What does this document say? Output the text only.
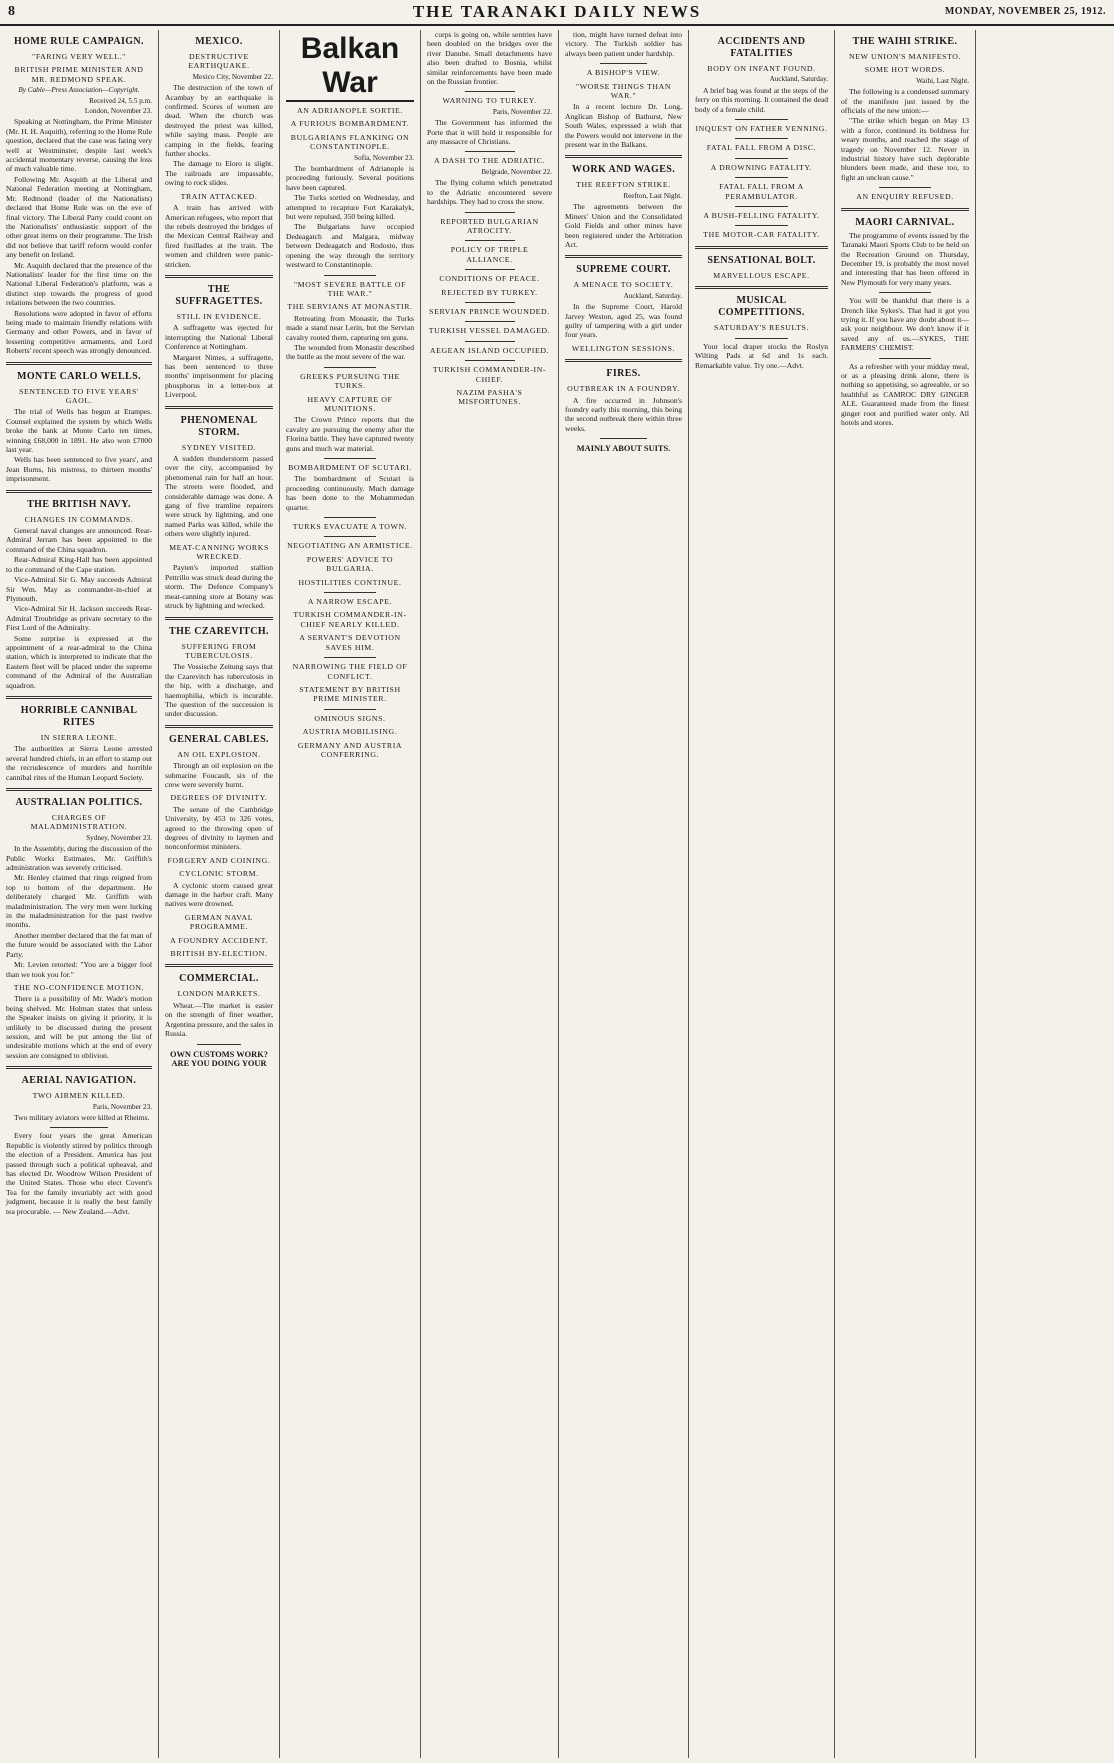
8	THE TARANAKI DAILY NEWS	MONDAY, NOVEMBER 25, 1912.
HOME RULE CAMPAIGN.
"FARING VERY WELL."
BRITISH PRIME MINISTER AND MR. REDMOND SPEAK.
By Cable—Press Association—Copyright.
Received 24, 5.5 p.m.
London, November 23.

Speaking at Nottingham, the Prime Minister (Mr. H. H. Asquith), referring to the Home Rule question, declared that the case was faring very well at Westminster, despite last week's accidental momentary reverse, causing the loss of much valuable time.

Following Mr. Asquith at the Liberal and National Federation meeting at Nottingham, Mr. Redmond (leader of the Nationalists) declared that Home Rule was on the eve of final victory. The Liberal Party could count on the Nationalists' enthusiastic support of the other great items on their programme. The Irish did not believe that tariff reform would confer any benefit on Ireland.

Mr. Asquith declared that the presence of the Nationalists' leader for the first time on the National Liberal Federation's platform, was a distinct step towards the progress of good relations between the two countries.

Resolutions were adopted in favor of efforts being made to maintain friendly relations with Germany and other Powers, and in favor of lessening competitive armaments, and Lord Roberts' recent speech was strongly denounced.

MONTE CARLO WELLS.
SENTENCED TO FIVE YEARS' GAOL.

The trial of Wells has begun at Etampes. Counsel explained the system by which Wells broke the bank at Monte Carlo ten times, winning £68,000 in 1891. He also won £7000 last year.

Wells has been sentenced to five years', and Jean Burns, his mistress, to thirteen months' imprisonment.

THE BRITISH NAVY.
CHANGES IN COMMANDS.

General naval changes are announced. Rear-Admiral Jerram has been appointed to the command of the China squadron.

Rear-Admiral King-Hall has been appointed to the command of the Cape station.

Vice-Admiral Sir G. May succeeds Admiral Sir Wm. May as commander-in-chief at Plymouth.

Vice-Admiral Sir H. Jackson succeeds Rear-Admiral Troubridge as private secretary to the First Lord of the Admiralty.

Some surprise is expressed at the appointment of a rear-admiral to the China station, which is interpreted to indicate that the Eastern fleet will be placed under the supreme command of the Admiral of the Australian squadron.

HORRIBLE CANNIBAL RITES
IN SIERRA LEONE.

The authorities at Sierra Leone arrested several hundred chiefs, in an effort to stamp out the recrudescence of murders and horrible cannibal rites of the Human Leopard Society.

AUSTRALIAN POLITICS.
CHARGES OF MALADMINISTRATION.
Sydney, November 23.

In the Assembly, during the discussion of the Public Works Estimates, Mr. Griffith's administration was severely criticised.

Mr. Henley claimed that rings reigned from top to bottom of the department. He deliberately charged Mr. Griffith with maladministration. The very men were lurking in the maladministration for the past twelve months.

Another member declared that the fat man of the future would be associated with the Labor Party.

Mr. Levien retorted: "You are a bigger fool than we took you for."

THE NO-CONFIDENCE MOTION.

There is a possibility of Mr. Wade's motion being shelved. Mr. Holman states that unless the Speaker insists on giving it priority, it is unlikely to be discussed during the present session, and will be put among the list of undesirable motions which at the end of every session are consigned to oblivion.

AERIAL NAVIGATION.
TWO AIRMEN KILLED.
Paris, November 23.

Two military aviators were killed at Rheims.

Every four years the great American Republic is violently stirred by politics through the election of a President. America has just passed through such a political upheaval, and has elected Dr. Woodrow Wilson President of the United States. Those who elect Covent's Tea for the family invariably act with good judgment, because it is really the best family tea procurable. — New Zealand.—Advt.

MEXICO.
DESTRUCTIVE EARTHQUAKE.
Mexico City, November 22.

The destruction of the town of Acambay by an earthquake is confirmed. Scores of women are dead. When the church was destroyed the priest was killed, while saying mass. People are camping in the fields, fearing further shocks.

The damage to Eloro is slight. The railroads are impassable, owing to rock slides.

TRAIN ATTACKED.

A train has arrived with American refugees, who report that the rebels destroyed the bridges of the Mexican Central Railway and fired fusillades at the train. The women and children were panic-stricken.

THE SUFFRAGETTES.
STILL IN EVIDENCE.

A suffragette was ejected for interrupting the National Liberal Conference at Nottingham.

Margaret Nimes, a suffragette, has been sentenced to three months' imprisonment for placing phosphorus in a letter-box at Liverpool.

PHENOMENAL STORM.
SYDNEY VISITED.

A sudden thunderstorm passed over the city, accompanied by phenomenal rain for half an hour. The streets were flooded, and considerable damage was done. A gang of five tramline repairers were struck by lightning, and one named Parks was killed, while the others were slightly injured.

MEAT-CANNING WORKS WRECKED.

Payten's imported stallion Pettrillo was struck dead during the storm. The Defence Company's meat-canning store at Botany was struck by lightning and wrecked.

THE CZAREVITCH.
SUFFERING FROM TUBERCULOSIS.

The Vossische Zeitung says that the Czarevitch has tuberculosis in the hip, with a discharge, and haemophilia, which is incurable. The question of the succession is under discussion.

GENERAL CABLES.
AN OIL EXPLOSION.

Through an oil explosion on the submarine Foucault, six of the crew were severely burnt.

DEGREES OF DIVINITY.

The senate of the Cambridge University, by 453 to 326 votes, agreed to the throwing open of degrees of divinity to laymen and nonconformist ministers.

FORGERY AND COINING.
CYCLONIC STORM.

A cyclonic storm caused great damage in the harbor craft. Many natives were drowned.

GERMAN NAVAL PROGRAMME.
A FOUNDRY ACCIDENT.
BRITISH BY-ELECTION.
COMMERCIAL.
LONDON MARKETS.

Wheat.—The market is easier on the strength of finer weather, Argentina pressure, and the sales in Russia.

OWN CUSTOMS WORK? ARE YOU DOING YOUR
Balkan War
AN ADRIANOPLE SORTIE.
A FURIOUS BOMBARDMENT.
BULGARIANS FLANKING ON CONSTANTINOPLE.
Sofia, November 23.

The bombardment of Adrianople is proceeding furiously. Several positions have been captured.

The Turks sortied on Wednesday, and attempted to recapture Fort Karakalyk, but were repulsed, 350 being killed.

The Bulgarians have occupied Dedeagatch and Malgara, midway between Dedeagatch and Rodosto, thus opening the way through the territory westward to Constantinople.

"MOST SEVERE BATTLE OF THE WAR."
THE SERVIANS AT MONASTIR.

Retreating from Monastir, the Turks made a stand near Lerin, but the Servian cavalry routed them, capturing ten guns.

The wounded from Monastir described the battle as the most severe of the war.

GREEKS PURSUING THE TURKS.
HEAVY CAPTURE OF MUNITIONS.

The Crown Prince reports that the cavalry are pursuing the enemy after the Florina battle. They have captured twenty guns and much war material.

BOMBARDMENT OF SCUTARI.

The bombardment of Scutari is proceeding continuously. Much damage has been done to the Mohammedan quarter.

TURKS EVACUATE A TOWN.
NEGOTIATING AN ARMISTICE.
POWERS' ADVICE TO BULGARIA.
HOSTILITIES CONTINUE.
A NARROW ESCAPE.
TURKISH COMMANDER-IN-CHIEF NEARLY KILLED.
A SERVANT'S DEVOTION SAVES HIM.
NARROWING THE FIELD OF CONFLICT.
STATEMENT BY BRITISH PRIME MINISTER.
OMINOUS SIGNS.
AUSTRIA MOBILISING.
GERMANY AND AUSTRIA CONFERRING.

corps is going on, while sentries have been doubled on the bridges over the river Danube. Small detachments have also been drafted to Bosnia, whilst similar reinforcements have been made on the Russian frontier.

WARNING TO TURKEY.
Paris, November 22.

The Government has informed the Porte that it will hold it responsible for any massacre of Christians.

A DASH TO THE ADRIATIC.
Belgrade, November 22.

The flying column which penetrated to the Adriatic encountered severe hardships. They had to cross the snow.

REPORTED BULGARIAN ATROCITY.
POLICY OF TRIPLE ALLIANCE.
CONDITIONS OF PEACE.
REJECTED BY TURKEY.
SERVIAN PRINCE WOUNDED.
TURKISH VESSEL DAMAGED.
AEGEAN ISLAND OCCUPIED.
TURKISH COMMANDER-IN-CHIEF.
NAZIM PASHA'S MISFORTUNES.

tion, might have turned defeat into victory. The Turkish soldier has always been patient under hardship.

A BISHOP'S VIEW.
"WORSE THINGS THAN WAR."

In a recent lecture Dr. Long, Anglican Bishop of Bathurst, New South Wales, expressed a wish that the Powers would not intervene in the present war in the Balkans.

WORK AND WAGES.
THE REEFTON STRIKE.
Reefton, Last Night.

The agreements between the Miners' Union and the Consolidated Gold Fields and other mines have been registered under the Arbitration Act.

SUPREME COURT.
A MENACE TO SOCIETY.
Auckland, Saturday.

In the Supreme Court, Harold Jarvey Weston, aged 25, was found guilty of tampering with a girl under four years.

WELLINGTON SESSIONS.
FIRES.
OUTBREAK IN A FOUNDRY.

A fire occurred in Johnson's foundry early this morning, this being the second outbreak there within three weeks.

MAINLY ABOUT SUITS.
ACCIDENTS AND FATALITIES
BODY ON INFANT FOUND.
Auckland, Saturday.

A brief bag was found at the steps of the ferry on this morning. It contained the dead body of a female child.

INQUEST ON FATHER VENNING.
FATAL FALL FROM A DISC.
A DROWNING FATALITY.
FATAL FALL FROM A PERAMBULATOR.
A BUSH-FELLING FATALITY.
THE MOTOR-CAR FATALITY.
SENSATIONAL BOLT.
MARVELLOUS ESCAPE.
MUSICAL COMPETITIONS.
SATURDAY'S RESULTS.

Your local draper stocks the Roslyn Wilting Pads at 6d and 1s each. Remarkable value. Try one.—Advt.

THE WAIHI STRIKE.
NEW UNION'S MANIFESTO.
SOME HOT WORDS.
Waihi, Last Night.

The following is a condensed summary of the manifesto just issued by the officials of the new union:—

"The strike which began on May 13 with a force, continued its boldness for weary months, and reached the stage of tragedy on November 12. Never in industrial history have such deplorable blunders been made, and these too, to fight an unclean cause."

AN ENQUIRY REFUSED.
MAORI CARNIVAL.

The programme of events issued by the Taranaki Maori Sports Club to be held on the Recreation Ground on Thursday, December 19, is probably the most novel and interesting that has been offered in New Plymouth for very many years.

You will be thankful that there is a Drench like Sykes's. That had it got you trying it. If you have any doubt about it—ask your neighbour. We don't know if it saved any of us.—SYKES, THE FARMERS' CHEMIST.

As a refresher with your midday meal, or as a pleasing drink alone, there is nothing so appetising, so agreeable, or so healthful as CAMROC DRY GINGER ALE. Guaranteed made from the finest ginger root and purified water only. All hotels and stores.
